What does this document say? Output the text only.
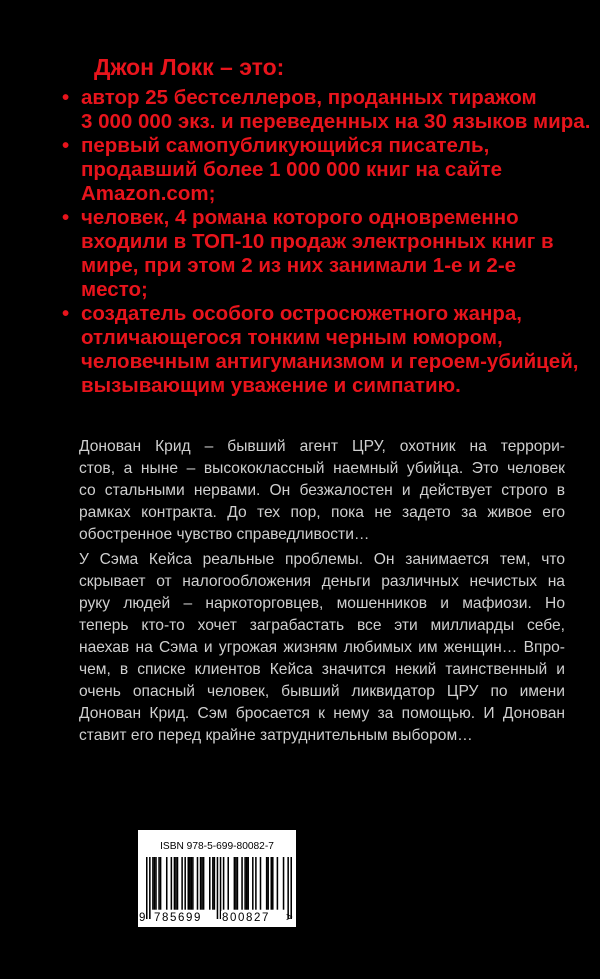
Джон Локк – это:
• автор 25 бестселлеров, проданных тиражом
3 000 000 экз. и переведенных на 30 языков мира.
• первый самопубликующийся писатель,
продавший более 1 000 000 книг на сайте
Amazon.com;
• человек, 4 романа которого одновременно
входили в ТОП-10 продаж электронных книг в
мире, при этом 2 из них занимали 1-е и 2-е
место;
• создатель особого остросюжетного жанра,
отличающегося тонким черным юмором,
человечным антигуманизмом и героем-убийцей,
вызывающим уважение и симпатию.
Донован Крид – бывший агент ЦРУ, охотник на террори-
стов, а ныне – высококлассный наемный убийца. Это человек
со стальными нервами. Он безжалостен и действует строго в
рамках контракта. До тех пор, пока не задето за живое его
обостренное чувство справедливости…
У Сэма Кейса реальные проблемы. Он занимается тем, что
скрывает от налогообложения деньги различных нечистых на
руку людей – наркоторговцев, мошенников и мафиози. Но
теперь кто-то хочет заграбастать все эти миллиарды себе,
наехав на Сэма и угрожая жизням любимых им женщин… Впро-
чем, в списке клиентов Кейса значится некий таинственный и
очень опасный человек, бывший ликвидатор ЦРУ по имени
Донован Крид. Сэм бросается к нему за помощью. И Донован
ставит его перед крайне затруднительным выбором…
ISBN 978-5-699-80082-7
9 785699 800827 >
